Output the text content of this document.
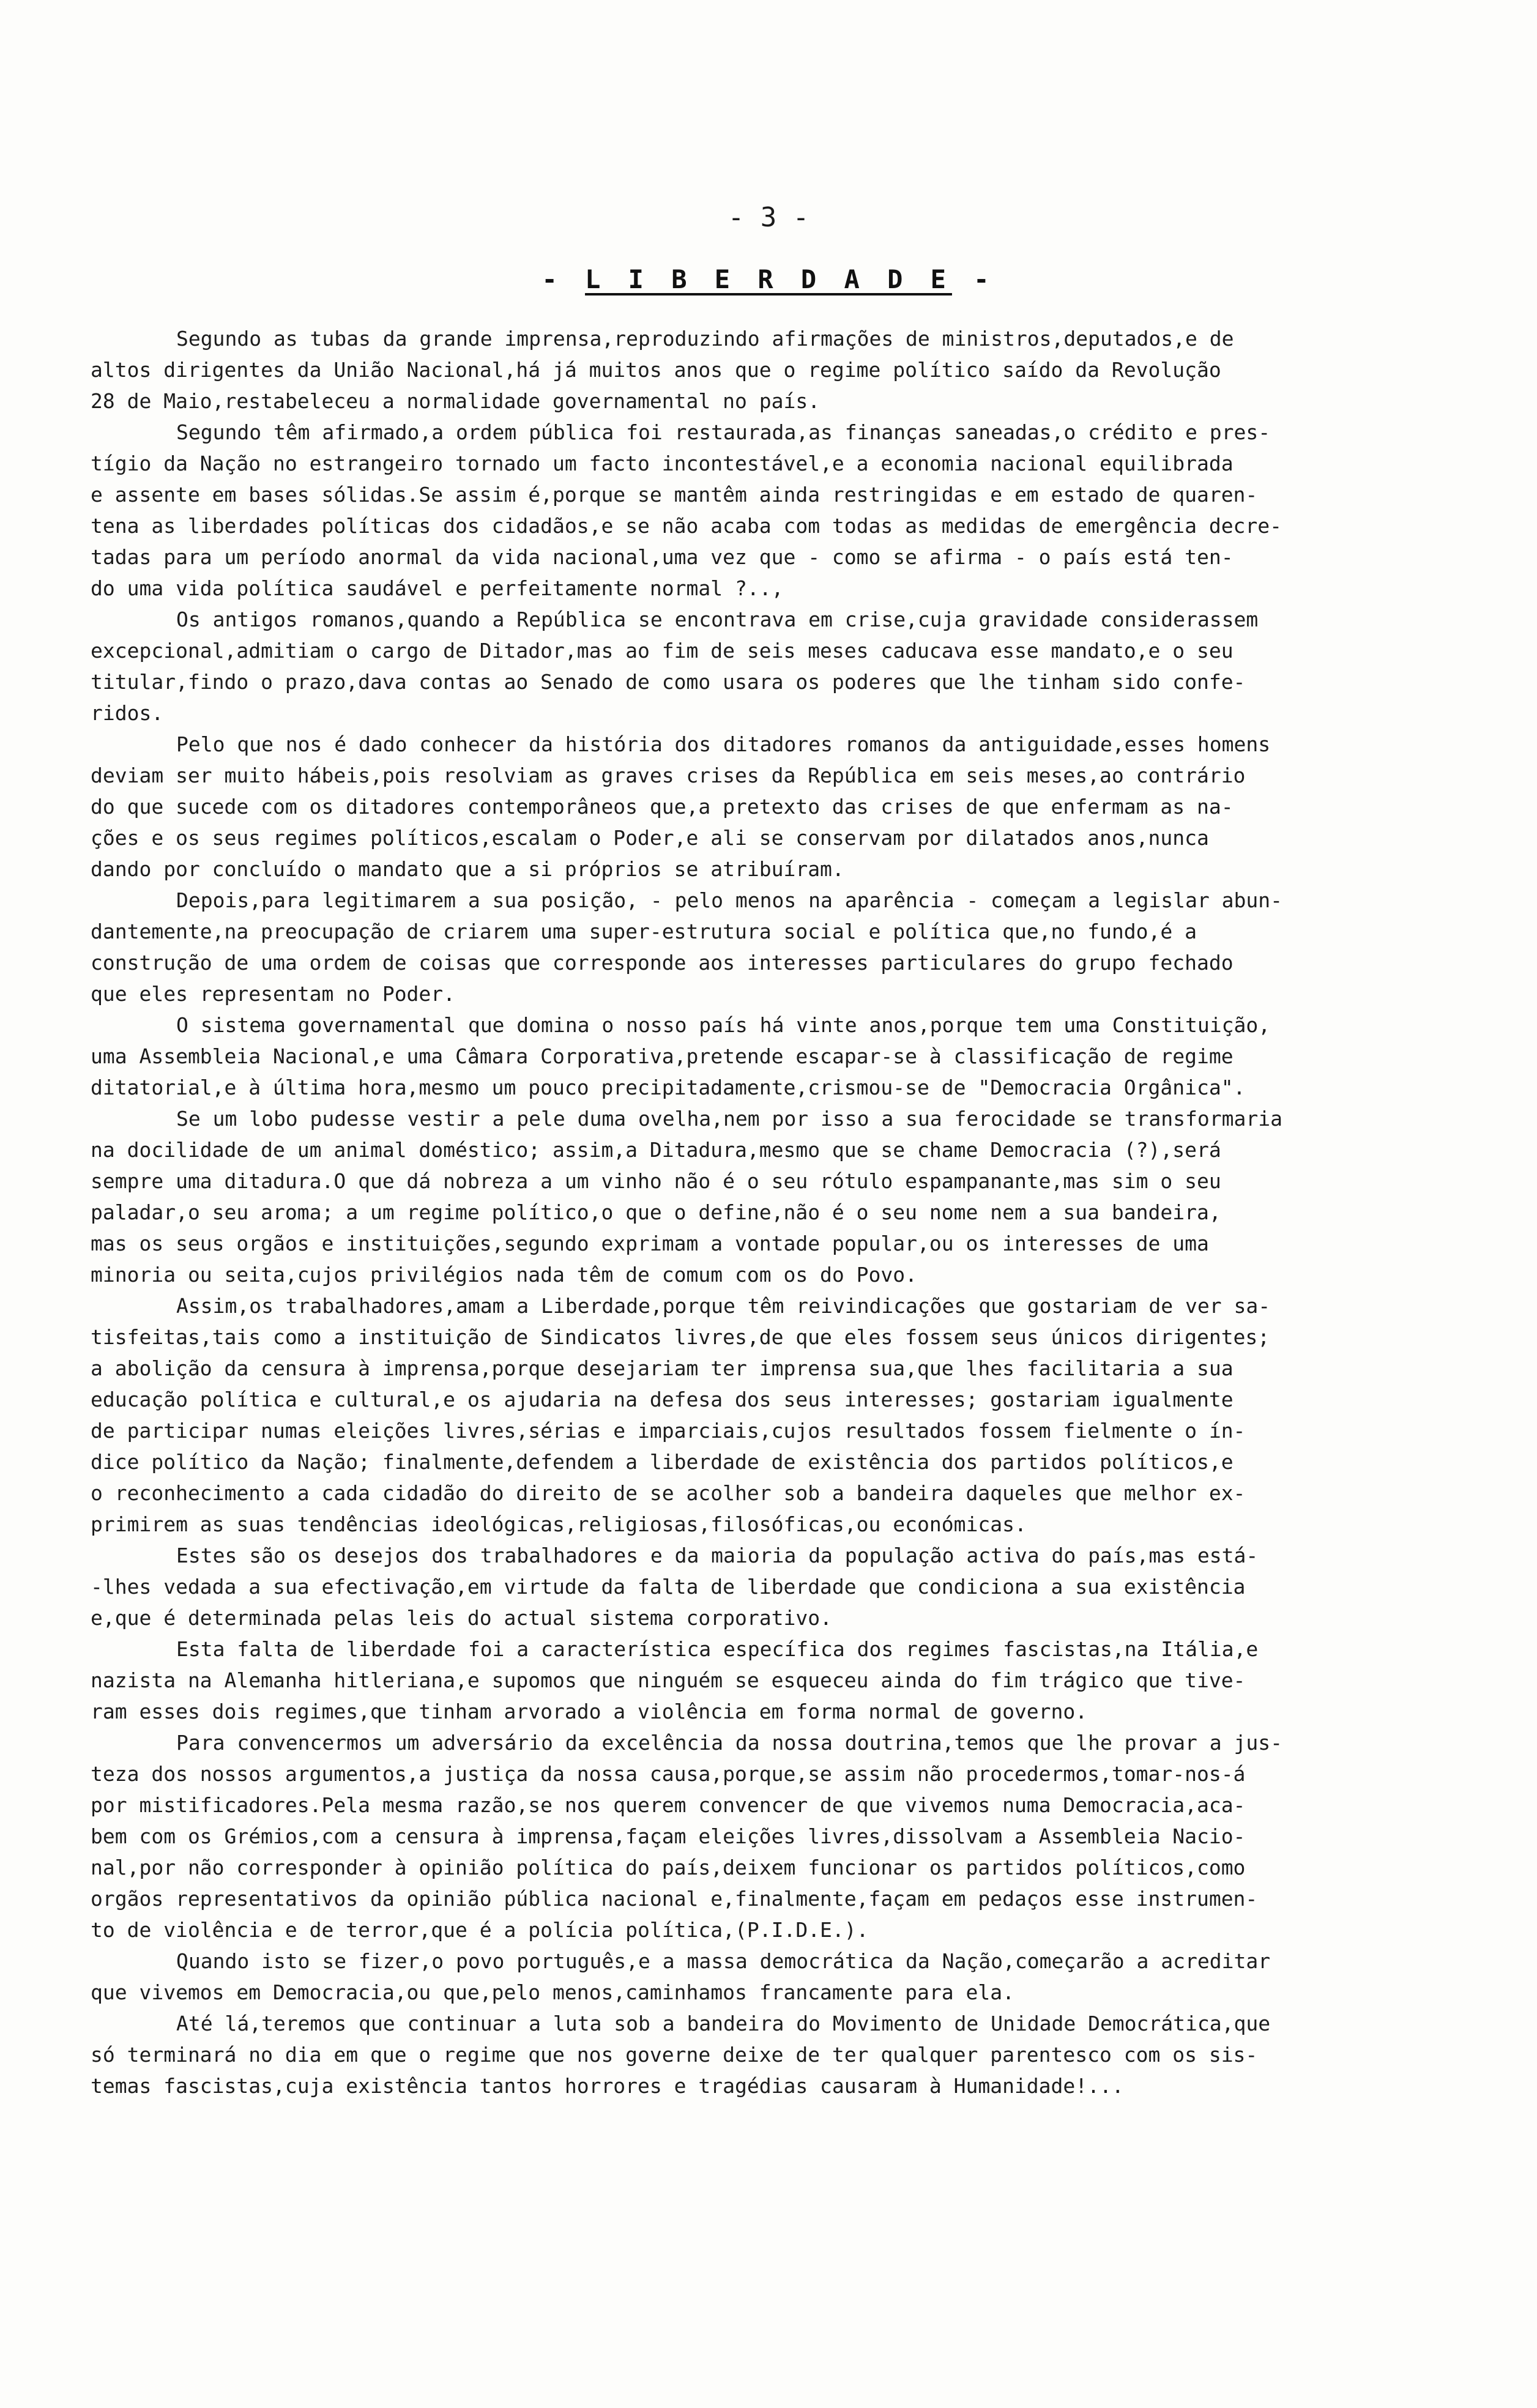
- 3 -
- L I B E R D A D E -
Segundo as tubas da grande imprensa,reproduzindo afirmações de ministros,deputados,e de
altos dirigentes da União Nacional,há já muitos anos que o regime político saído da Revolução
28 de Maio,restabeleceu a normalidade governamental no país.
Segundo têm afirmado,a ordem pública foi restaurada,as finanças saneadas,o crédito e pres-
tígio da Nação no estrangeiro tornado um facto incontestável,e a economia nacional equilibrada
e assente em bases sólidas.Se assim é,porque se mantêm ainda restringidas e em estado de quaren-
tena as liberdades políticas dos cidadãos,e se não acaba com todas as medidas de emergência decre-
tadas para um período anormal da vida nacional,uma vez que - como se afirma - o país está ten-
do uma vida política saudável e perfeitamente normal ?..,
Os antigos romanos,quando a República se encontrava em crise,cuja gravidade considerassem
excepcional,admitiam o cargo de Ditador,mas ao fim de seis meses caducava esse mandato,e o seu
titular,findo o prazo,dava contas ao Senado de como usara os poderes que lhe tinham sido confe-
ridos.
Pelo que nos é dado conhecer da história dos ditadores romanos da antiguidade,esses homens
deviam ser muito hábeis,pois resolviam as graves crises da República em seis meses,ao contrário
do que sucede com os ditadores contemporâneos que,a pretexto das crises de que enfermam as na-
ções e os seus regimes políticos,escalam o Poder,e ali se conservam por dilatados anos,nunca
dando por concluído o mandato que a si próprios se atribuíram.
Depois,para legitimarem a sua posição, - pelo menos na aparência - começam a legislar abun-
dantemente,na preocupação de criarem uma super-estrutura social e política que,no fundo,é a
construção de uma ordem de coisas que corresponde aos interesses particulares do grupo fechado
que eles representam no Poder.
O sistema governamental que domina o nosso país há vinte anos,porque tem uma Constituição,
uma Assembleia Nacional,e uma Câmara Corporativa,pretende escapar-se à classificação de regime
ditatorial,e à última hora,mesmo um pouco precipitadamente,crismou-se de "Democracia Orgânica".
Se um lobo pudesse vestir a pele duma ovelha,nem por isso a sua ferocidade se transformaria
na docilidade de um animal doméstico; assim,a Ditadura,mesmo que se chame Democracia (?),será
sempre uma ditadura.O que dá nobreza a um vinho não é o seu rótulo espampanante,mas sim o seu
paladar,o seu aroma; a um regime político,o que o define,não é o seu nome nem a sua bandeira,
mas os seus orgãos e instituições,segundo exprimam a vontade popular,ou os interesses de uma
minoria ou seita,cujos privilégios nada têm de comum com os do Povo.
Assim,os trabalhadores,amam a Liberdade,porque têm reivindicações que gostariam de ver sa-
tisfeitas,tais como a instituição de Sindicatos livres,de que eles fossem seus únicos dirigentes;
a abolição da censura à imprensa,porque desejariam ter imprensa sua,que lhes facilitaria a sua
educação política e cultural,e os ajudaria na defesa dos seus interesses; gostariam igualmente
de participar numas eleições livres,sérias e imparciais,cujos resultados fossem fielmente o ín-
dice político da Nação; finalmente,defendem a liberdade de existência dos partidos políticos,e
o reconhecimento a cada cidadão do direito de se acolher sob a bandeira daqueles que melhor ex-
primirem as suas tendências ideológicas,religiosas,filosóficas,ou económicas.
Estes são os desejos dos trabalhadores e da maioria da população activa do país,mas está-
-lhes vedada a sua efectivação,em virtude da falta de liberdade que condiciona a sua existência
e,que é determinada pelas leis do actual sistema corporativo.
Esta falta de liberdade foi a característica específica dos regimes fascistas,na Itália,e
nazista na Alemanha hitleriana,e supomos que ninguém se esqueceu ainda do fim trágico que tive-
ram esses dois regimes,que tinham arvorado a violência em forma normal de governo.
Para convencermos um adversário da excelência da nossa doutrina,temos que lhe provar a jus-
teza dos nossos argumentos,a justiça da nossa causa,porque,se assim não procedermos,tomar-nos-á
por mistificadores.Pela mesma razão,se nos querem convencer de que vivemos numa Democracia,aca-
bem com os Grémios,com a censura à imprensa,façam eleições livres,dissolvam a Assembleia Nacio-
nal,por não corresponder à opinião política do país,deixem funcionar os partidos políticos,como
orgãos representativos da opinião pública nacional e,finalmente,façam em pedaços esse instrumen-
to de violência e de terror,que é a polícia política,(P.I.D.E.).
Quando isto se fizer,o povo português,e a massa democrática da Nação,começarão a acreditar
que vivemos em Democracia,ou que,pelo menos,caminhamos francamente para ela.
Até lá,teremos que continuar a luta sob a bandeira do Movimento de Unidade Democrática,que
só terminará no dia em que o regime que nos governe deixe de ter qualquer parentesco com os sis-
temas fascistas,cuja existência tantos horrores e tragédias causaram à Humanidade!...
